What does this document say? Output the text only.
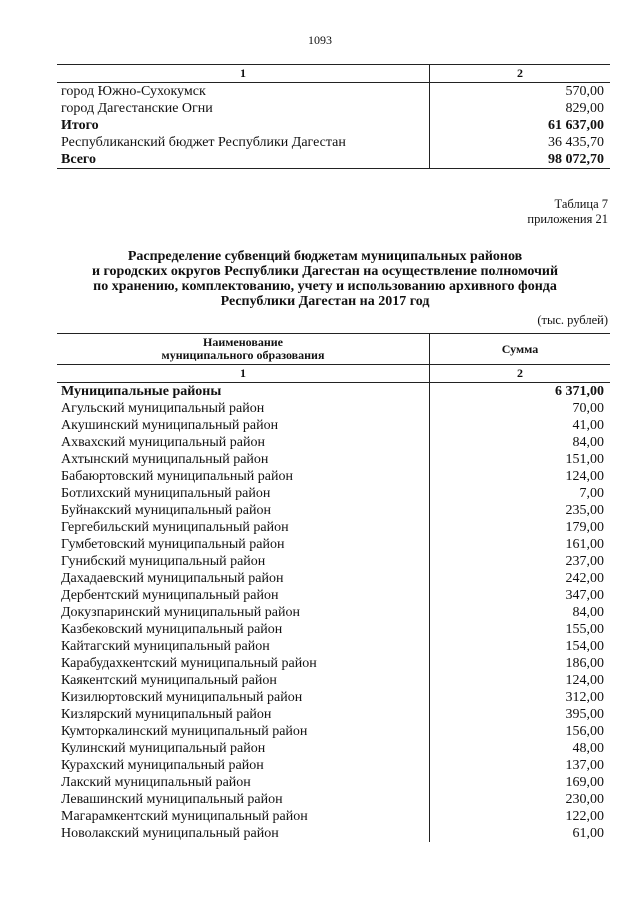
1093
1	2
город Южно-Сухокумск	570,00
город Дагестанские Огни	829,00
Итого	61 637,00
Республиканский бюджет Республики Дагестан	36 435,70
Всего	98 072,70
Таблица 7
приложения 21
Распределение субвенций бюджетам муниципальных районов
и городских округов Республики Дагестан на осуществление полномочий
по хранению, комплектованию, учету и использованию архивного фонда
Республики Дагестан на 2017 год
(тыс. рублей)
Наименование
муниципального образования	Сумма
1	2
Муниципальные районы	6 371,00
Агульский муниципальный район	70,00
Акушинский муниципальный район	41,00
Ахвахский муниципальный район	84,00
Ахтынский муниципальный район	151,00
Бабаюртовский муниципальный район	124,00
Ботлихский муниципальный район	7,00
Буйнакский муниципальный район	235,00
Гергебильский муниципальный район	179,00
Гумбетовский муниципальный район	161,00
Гунибский муниципальный район	237,00
Дахадаевский муниципальный район	242,00
Дербентский муниципальный район	347,00
Докузпаринский муниципальный район	84,00
Казбековский муниципальный район	155,00
Кайтагский муниципальный район	154,00
Карабудахкентский муниципальный район	186,00
Каякентский муниципальный район	124,00
Кизилюртовский муниципальный район	312,00
Кизлярский муниципальный район	395,00
Кумторкалинский муниципальный район	156,00
Кулинский муниципальный район	48,00
Курахский муниципальный район	137,00
Лакский муниципальный район	169,00
Левашинский муниципальный район	230,00
Магарамкентский муниципальный район	122,00
Новолакский муниципальный район	61,00
